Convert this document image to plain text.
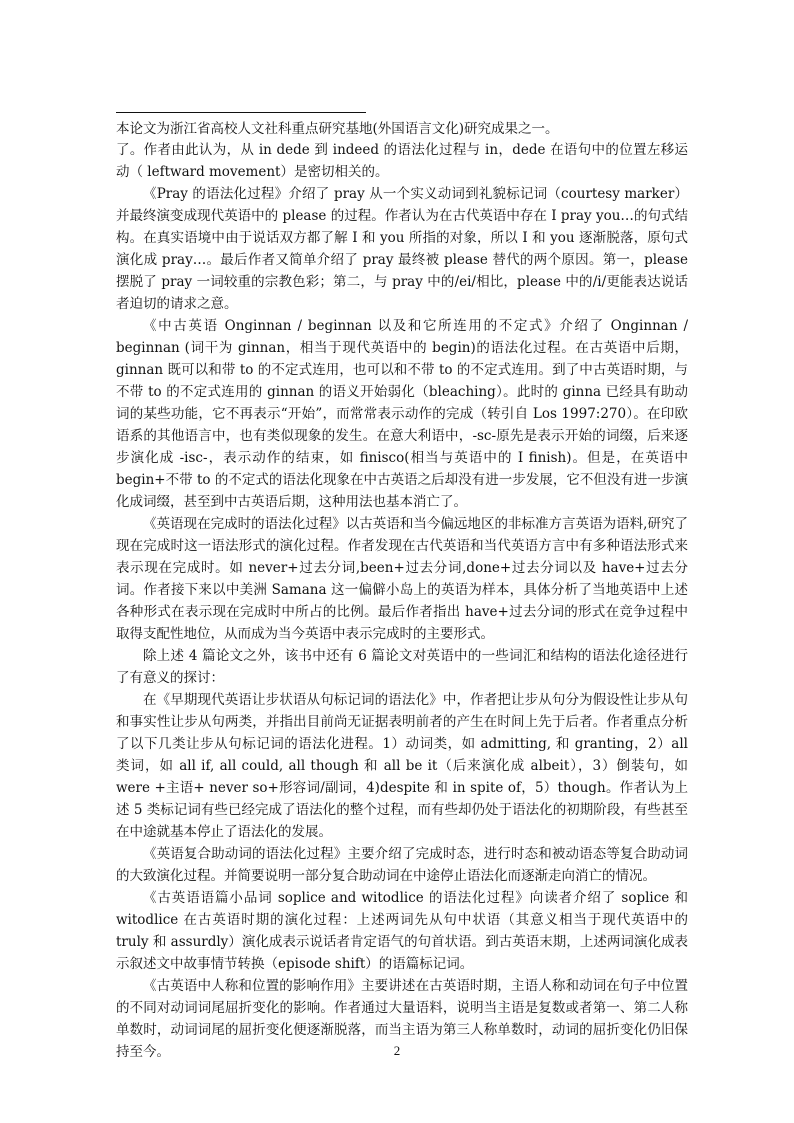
本论文为浙江省高校人文社科重点研究基地(外国语言文化)研究成果之一。

了。作者由此认为，从 in dede 到 indeed 的语法化过程与 in，dede 在语句中的位置左移运动（ leftward movement）是密切相关的。

《Pray 的语法化过程》介绍了 pray 从一个实义动词到礼貌标记词（courtesy marker）并最终演变成现代英语中的 please 的过程。作者认为在古代英语中存在 I pray you…的句式结构。在真实语境中由于说话双方都了解 I 和 you 所指的对象，所以 I 和 you 逐渐脱落，原句式演化成 pray…。最后作者又简单介绍了 pray 最终被 please 替代的两个原因。第一，please 摆脱了 pray 一词较重的宗教色彩；第二，与 pray 中的/ei/相比，please 中的/i/更能表达说话者迫切的请求之意。

《中古英语 Onginnan / beginnan 以及和它所连用的不定式》介绍了 Onginnan / beginnan (词干为 ginnan，相当于现代英语中的 begin)的语法化过程。在古英语中后期，ginnan 既可以和带 to 的不定式连用，也可以和不带 to 的不定式连用。到了中古英语时期，与不带 to 的不定式连用的 ginnan 的语义开始弱化（bleaching）。此时的 ginna 已经具有助动词的某些功能，它不再表示“开始”，而常常表示动作的完成（转引自 Los 1997:270）。在印欧语系的其他语言中，也有类似现象的发生。在意大利语中，-sc-原先是表示开始的词缀，后来逐步演化成 -isc-，表示动作的结束，如 finisco(相当与英语中的 I finish)。但是，在英语中 begin+不带 to 的不定式的语法化现象在中古英语之后却没有进一步发展，它不但没有进一步演化成词缀，甚至到中古英语后期，这种用法也基本消亡了。

《英语现在完成时的语法化过程》以古英语和当今偏远地区的非标准方言英语为语料,研究了现在完成时这一语法形式的演化过程。作者发现在古代英语和当代英语方言中有多种语法形式来表示现在完成时。如 never+过去分词,been+过去分词,done+过去分词以及 have+过去分词。作者接下来以中美洲 Samana 这一偏僻小岛上的英语为样本，具体分析了当地英语中上述各种形式在表示现在完成时中所占的比例。最后作者指出 have+过去分词的形式在竞争过程中取得支配性地位，从而成为当今英语中表示完成时的主要形式。

除上述 4 篇论文之外，该书中还有 6 篇论文对英语中的一些词汇和结构的语法化途径进行了有意义的探讨：

在《早期现代英语让步状语从句标记词的语法化》中，作者把让步从句分为假设性让步从句和事实性让步从句两类，并指出目前尚无证据表明前者的产生在时间上先于后者。作者重点分析了以下几类让步从句标记词的语法化进程。1）动词类，如 admitting, 和 granting，2）all 类词，如 all if, all could, all though 和 all be it（后来演化成 albeit），3）倒装句，如 were +主语+ never so+形容词/副词，4)despite 和 in spite of，5）though。作者认为上述 5 类标记词有些已经完成了语法化的整个过程，而有些却仍处于语法化的初期阶段，有些甚至在中途就基本停止了语法化的发展。

《英语复合助动词的语法化过程》主要介绍了完成时态，进行时态和被动语态等复合助动词的大致演化过程。并简要说明一部分复合助动词在中途停止语法化而逐渐走向消亡的情况。

《古英语语篇小品词 soplice and witodlice 的语法化过程》向读者介绍了 soplice 和 witodlice 在古英语时期的演化过程：上述两词先从句中状语（其意义相当于现代英语中的 truly 和 assurdly）演化成表示说话者肯定语气的句首状语。到古英语末期，上述两词演化成表示叙述文中故事情节转换（episode shift）的语篇标记词。

《古英语中人称和位置的影响作用》主要讲述在古英语时期，主语人称和动词在句子中位置的不同对动词词尾屈折变化的影响。作者通过大量语料，说明当主语是复数或者第一、第二人称单数时，动词词尾的屈折变化便逐渐脱落，而当主语为第三人称单数时，动词的屈折变化仍旧保持至今。	2
